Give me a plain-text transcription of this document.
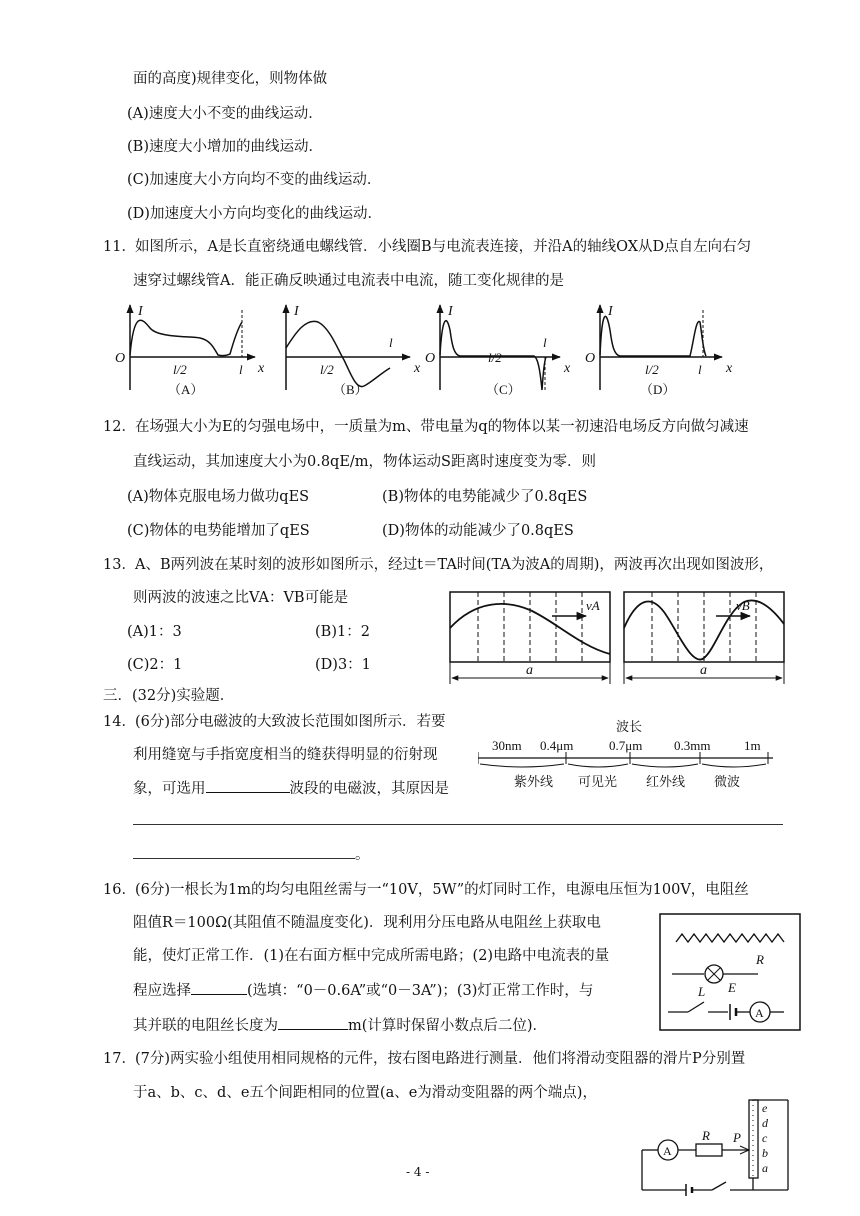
面的高度)规律变化，则物体做
(A)速度大小不变的曲线运动．
(B)速度大小增加的曲线运动．
(C)加速度大小方向均不变的曲线运动．
(D)加速度大小方向均变化的曲线运动．
11． 如图所示，A是长直密绕通电螺线管．小线圈B与电流表连接，并沿A的轴线OX从D点自左向右匀
速穿过螺线管A．能正确反映通过电流表中电流，随工变化规律的是
I
O
x
l/2	l
（A）
I
l
x
l/2
（B）
I
O
l
x
l/2
（C）
I
O
x
l/2	l
（D）
12． 在场强大小为E的匀强电场中，一质量为m、带电量为q的物体以某一初速沿电场反方向做匀减速
直线运动，其加速度大小为0.8qE/m，物体运动S距离时速度变为零．则
(A)物体克服电场力做功qES	(B)物体的电势能减少了0.8qES
(C)物体的电势能增加了qES	(D)物体的动能减少了0.8qES
13． A、B两列波在某时刻的波形如图所示，经过t＝TA时间(TA为波A的周期)，两波再次出现如图波形，
则两波的波速之比VA：VB可能是
(A)1：3	(B)1：2
(C)2：1	(D)3：1
vA
a
vB
a
三．(32分)实验题．
14． (6分)部分电磁波的大致波长范围如图所示．若要
利用缝宽与手指宽度相当的缝获得明显的衍射现
象，可选用	波段的电磁波，其原因是
。
波长
30nm 0.4μm	0.7μm 0.3mm	1m
紫外线 可见光 红外线 微波
16． (6分)一根长为1m的均匀电阻丝需与一“10V，5W”的灯同时工作，电源电压恒为100V，电阻丝
阻值R＝100Ω(其阻值不随温度变化)．现利用分压电路从电阻丝上获取电
能，使灯正常工作．(1)在右面方框中完成所需电路；(2)电路中电流表的量
程应选择	(选填：“0－0.6A”或“0－3A”)；(3)灯正常工作时，与
其并联的电阻丝长度为	m(计算时保留小数点后二位)．
R
L E
A
17． (7分)两实验小组使用相同规格的元件，按右图电路进行测量．他们将滑动变阻器的滑片P分别置
于a、b、c、d、e五个间距相同的位置(a、e为滑动变阻器的两个端点)，
A
R P
e
d
c
b
a
- 4 -
